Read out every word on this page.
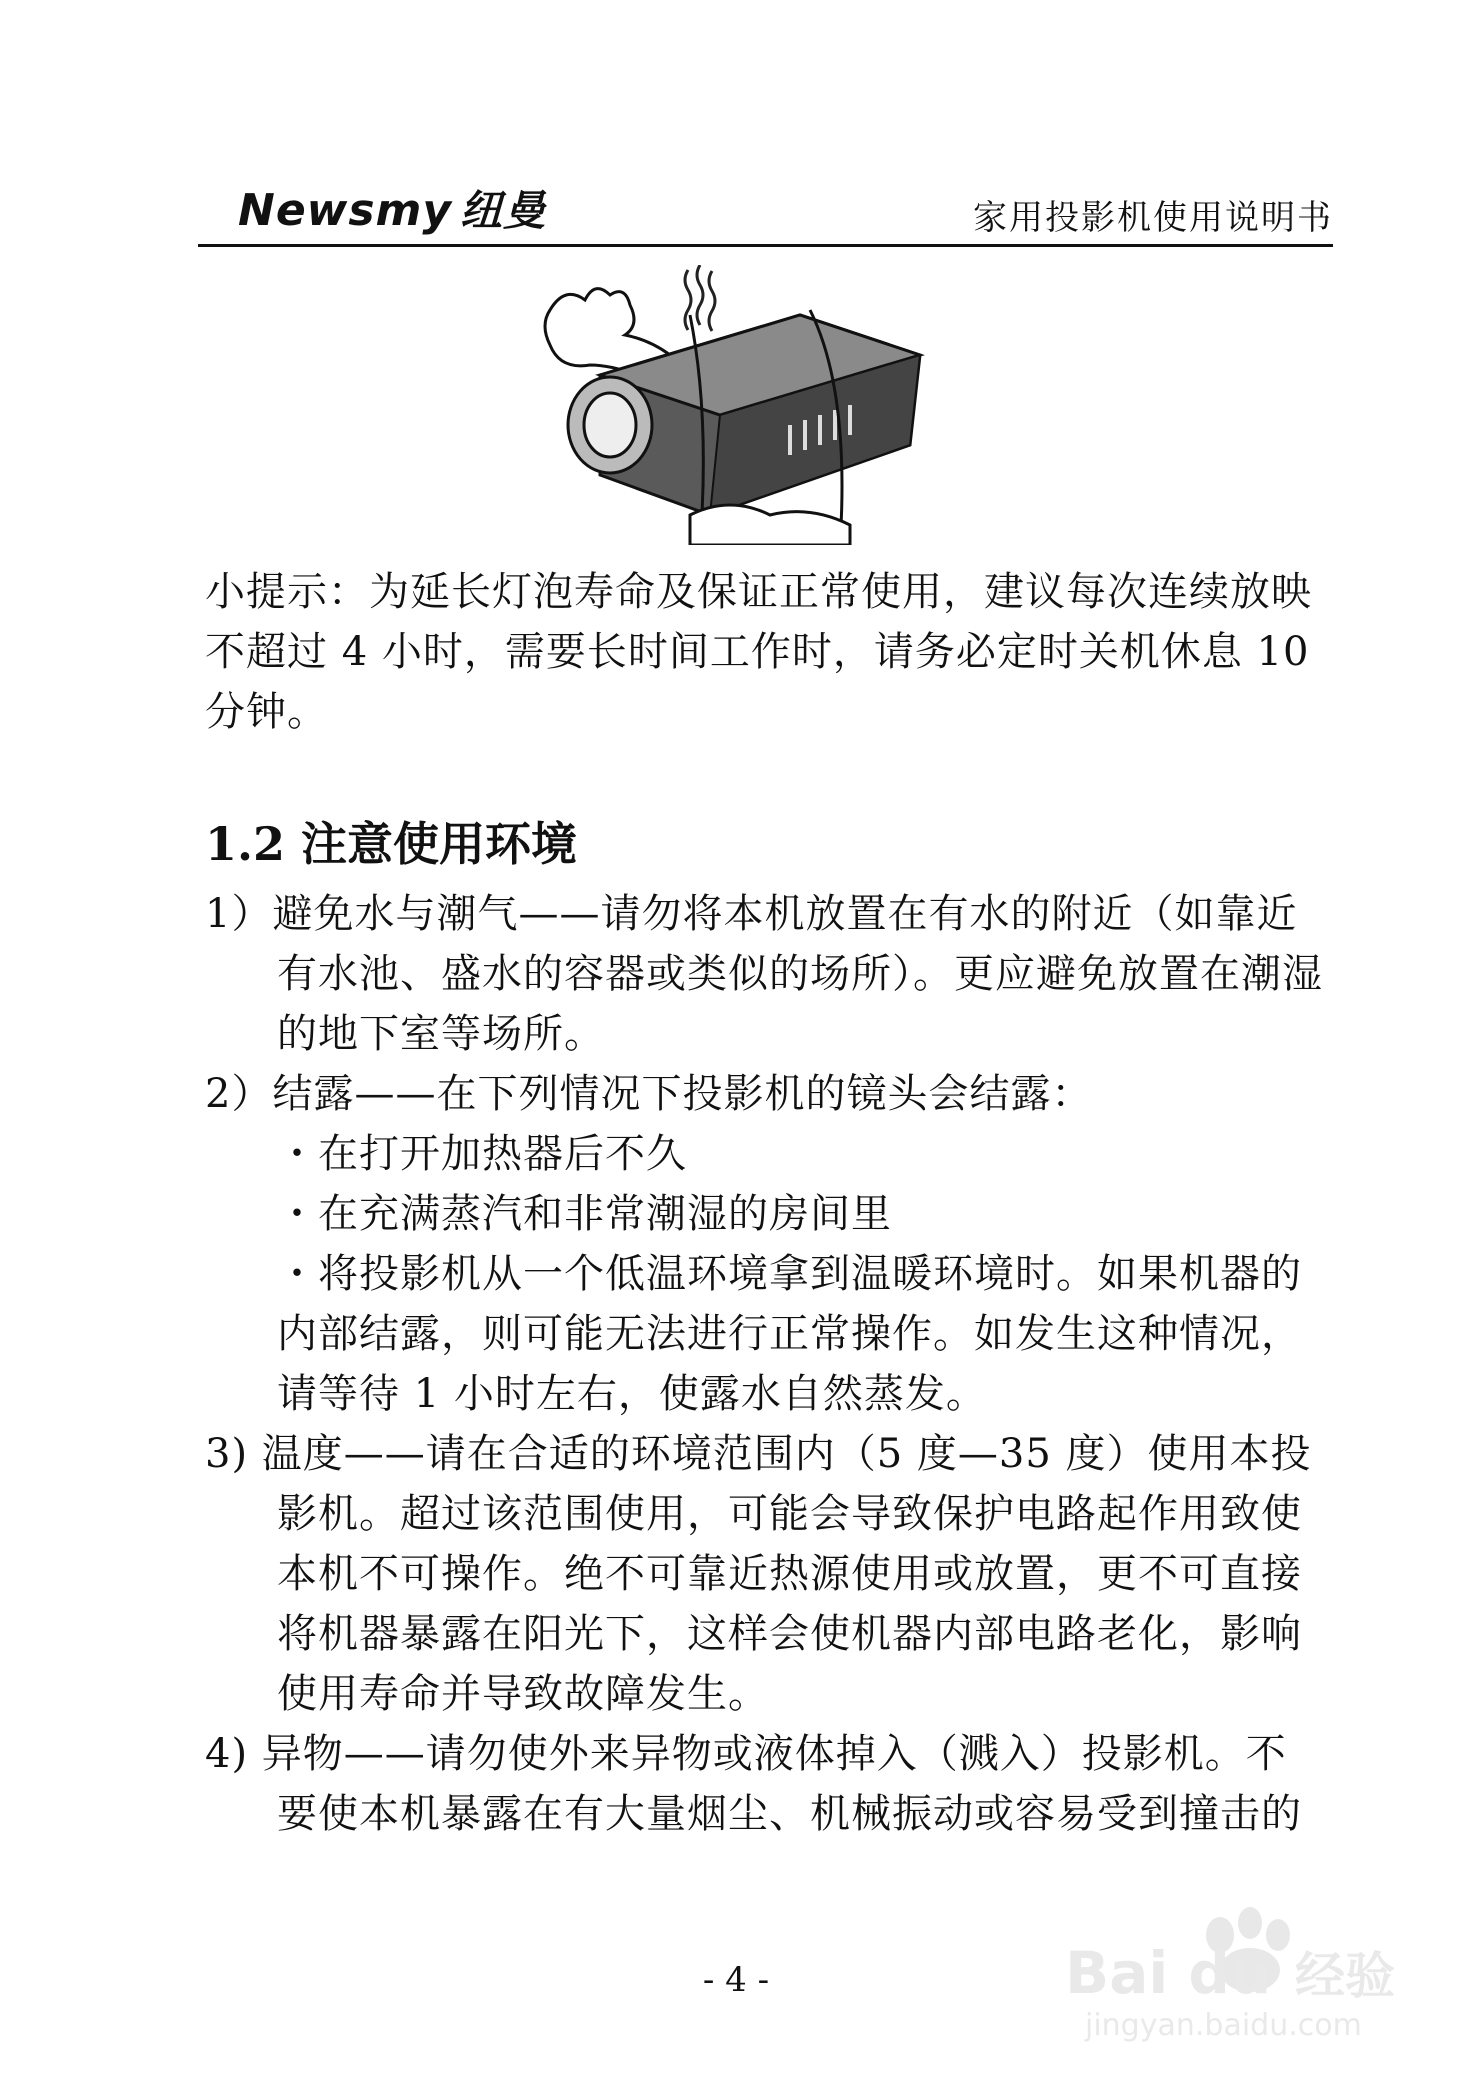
Newsmy 纽曼	家用投影机使用说明书
小提示：为延长灯泡寿命及保证正常使用，建议每次连续放映
不超过 4 小时，需要长时间工作时，请务必定时关机休息 10
分钟。
1.2 注意使用环境
1）避免水与潮气——请勿将本机放置在有水的附近（如靠近
有水池、盛水的容器或类似的场所）。更应避免放置在潮湿
的地下室等场所。
2）结露——在下列情况下投影机的镜头会结露：
・在打开加热器后不久
・在充满蒸汽和非常潮湿的房间里
・将投影机从一个低温环境拿到温暖环境时。如果机器的
内部结露，则可能无法进行正常操作。如发生这种情况，
请等待 1 小时左右，使露水自然蒸发。
3) 温度——请在合适的环境范围内（5 度—35 度）使用本投
影机。超过该范围使用，可能会导致保护电路起作用致使
本机不可操作。绝不可靠近热源使用或放置，更不可直接
将机器暴露在阳光下，这样会使机器内部电路老化，影响
使用寿命并导致故障发生。
4) 异物——请勿使外来异物或液体掉入（溅入）投影机。不
要使本机暴露在有大量烟尘、机械振动或容易受到撞击的
- 4 -	Bai du 经验
jingyan.baidu.com
